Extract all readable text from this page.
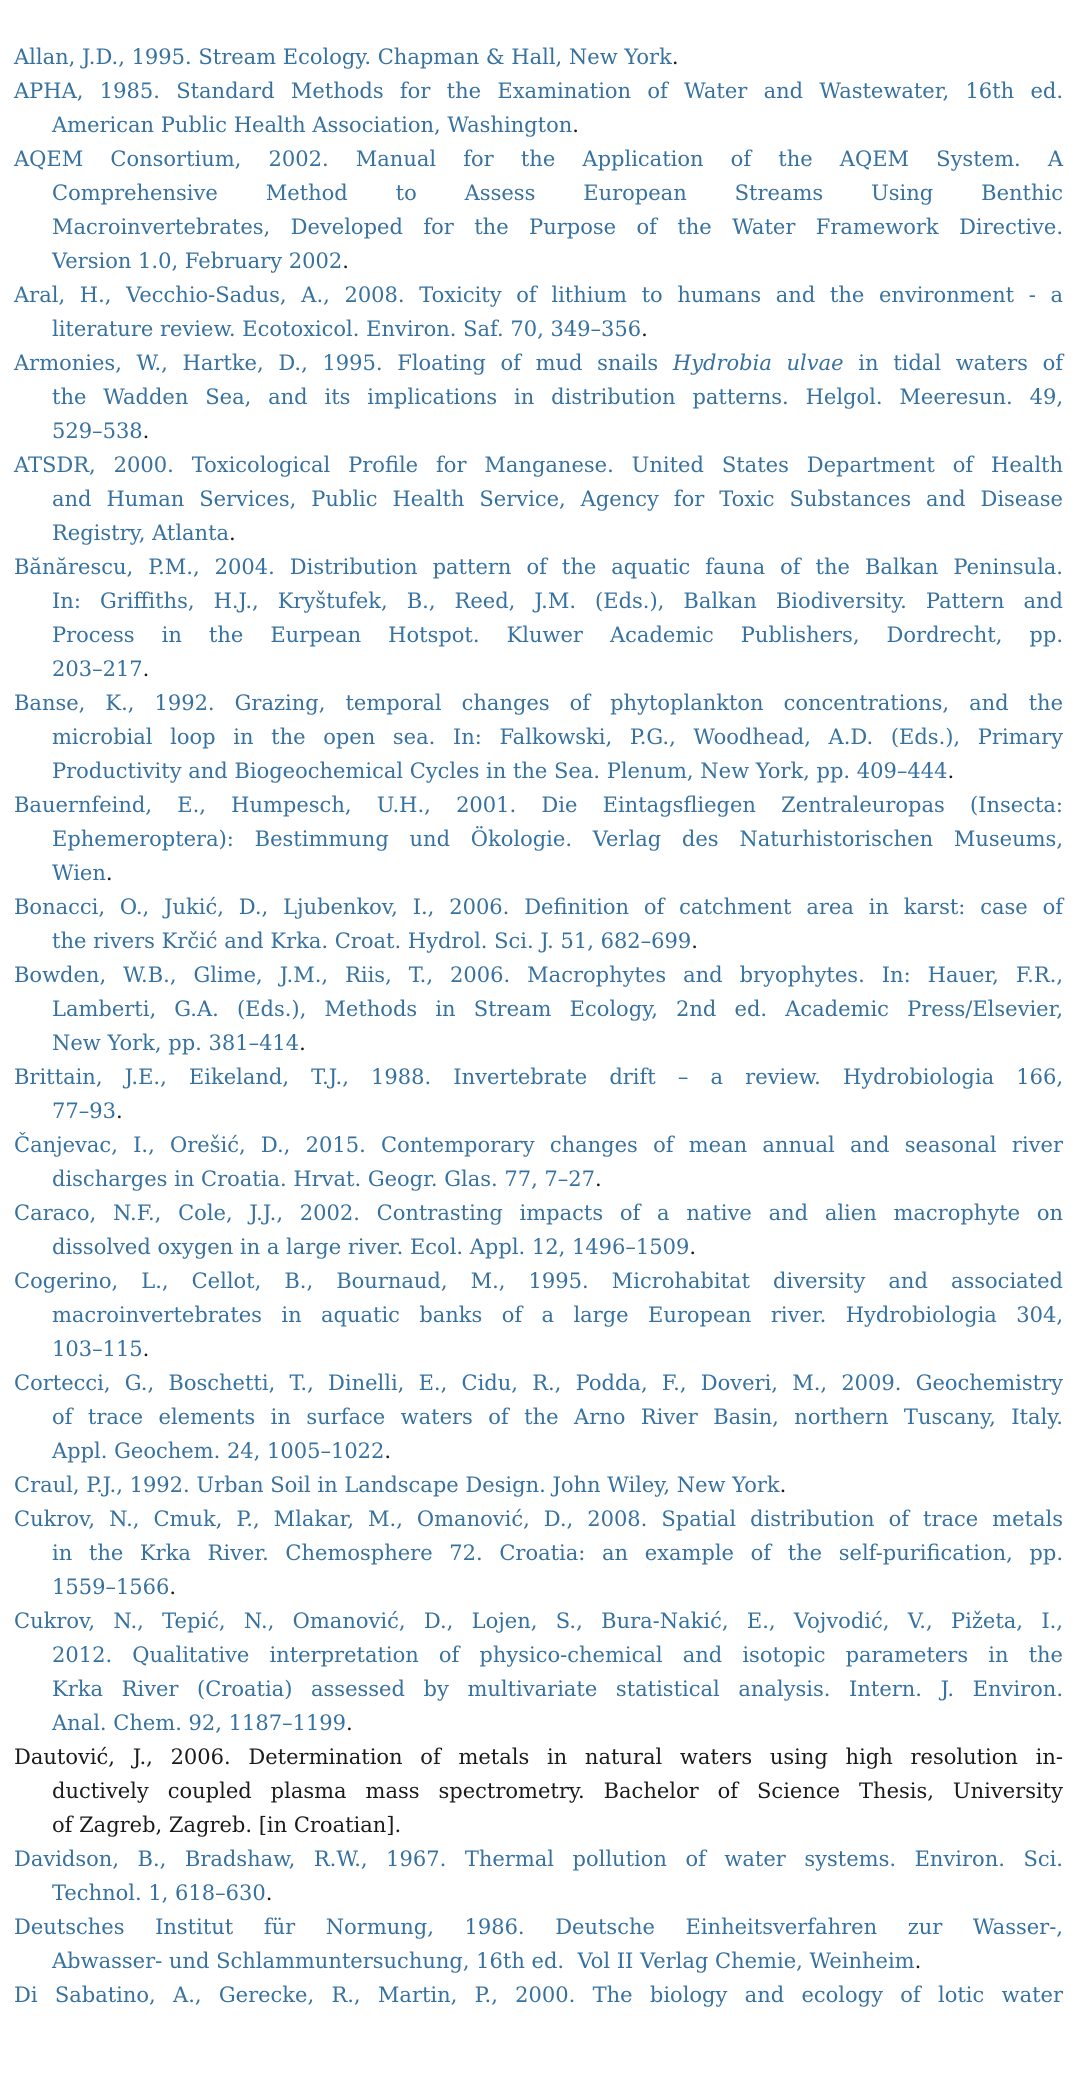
Allan, J.D., 1995. Stream Ecology. Chapman & Hall, New York.
APHA, 1985. Standard Methods for the Examination of Water and Wastewater, 16th ed.
American Public Health Association, Washington.
AQEM Consortium, 2002. Manual for the Application of the AQEM System. A
Comprehensive Method to Assess European Streams Using Benthic
Macroinvertebrates, Developed for the Purpose of the Water Framework Directive.
Version 1.0, February 2002.
Aral, H., Vecchio-Sadus, A., 2008. Toxicity of lithium to humans and the environment - a
literature review. Ecotoxicol. Environ. Saf. 70, 349–356.
Armonies, W., Hartke, D., 1995. Floating of mud snails Hydrobia ulvae in tidal waters of
the Wadden Sea, and its implications in distribution patterns. Helgol. Meeresun. 49,
529–538.
ATSDR, 2000. Toxicological Profile for Manganese. United States Department of Health
and Human Services, Public Health Service, Agency for Toxic Substances and Disease
Registry, Atlanta.
Bănărescu, P.M., 2004. Distribution pattern of the aquatic fauna of the Balkan Peninsula.
In: Griffiths, H.J., Kryštufek, B., Reed, J.M. (Eds.), Balkan Biodiversity. Pattern and
Process in the Eurpean Hotspot. Kluwer Academic Publishers, Dordrecht, pp.
203–217.
Banse, K., 1992. Grazing, temporal changes of phytoplankton concentrations, and the
microbial loop in the open sea. In: Falkowski, P.G., Woodhead, A.D. (Eds.), Primary
Productivity and Biogeochemical Cycles in the Sea. Plenum, New York, pp. 409–444.
Bauernfeind, E., Humpesch, U.H., 2001. Die Eintagsfliegen Zentraleuropas (Insecta:
Ephemeroptera): Bestimmung und Ökologie. Verlag des Naturhistorischen Museums,
Wien.
Bonacci, O., Jukić, D., Ljubenkov, I., 2006. Definition of catchment area in karst: case of
the rivers Krčić and Krka. Croat. Hydrol. Sci. J. 51, 682–699.
Bowden, W.B., Glime, J.M., Riis, T., 2006. Macrophytes and bryophytes. In: Hauer, F.R.,
Lamberti, G.A. (Eds.), Methods in Stream Ecology, 2nd ed. Academic Press/Elsevier,
New York, pp. 381–414.
Brittain, J.E., Eikeland, T.J., 1988. Invertebrate drift – a review. Hydrobiologia 166,
77–93.
Čanjevac, I., Orešić, D., 2015. Contemporary changes of mean annual and seasonal river
discharges in Croatia. Hrvat. Geogr. Glas. 77, 7–27.
Caraco, N.F., Cole, J.J., 2002. Contrasting impacts of a native and alien macrophyte on
dissolved oxygen in a large river. Ecol. Appl. 12, 1496–1509.
Cogerino, L., Cellot, B., Bournaud, M., 1995. Microhabitat diversity and associated
macroinvertebrates in aquatic banks of a large European river. Hydrobiologia 304,
103–115.
Cortecci, G., Boschetti, T., Dinelli, E., Cidu, R., Podda, F., Doveri, M., 2009. Geochemistry
of trace elements in surface waters of the Arno River Basin, northern Tuscany, Italy.
Appl. Geochem. 24, 1005–1022.
Craul, P.J., 1992. Urban Soil in Landscape Design. John Wiley, New York.
Cukrov, N., Cmuk, P., Mlakar, M., Omanović, D., 2008. Spatial distribution of trace metals
in the Krka River. Chemosphere 72. Croatia: an example of the self-purification, pp.
1559–1566.
Cukrov, N., Tepić, N., Omanović, D., Lojen, S., Bura-Nakić, E., Vojvodić, V., Pižeta, I.,
2012. Qualitative interpretation of physico-chemical and isotopic parameters in the
Krka River (Croatia) assessed by multivariate statistical analysis. Intern. J. Environ.
Anal. Chem. 92, 1187–1199.
Dautović, J., 2006. Determination of metals in natural waters using high resolution in-
ductively coupled plasma mass spectrometry. Bachelor of Science Thesis, University
of Zagreb, Zagreb. [in Croatian].
Davidson, B., Bradshaw, R.W., 1967. Thermal pollution of water systems. Environ. Sci.
Technol. 1, 618–630.
Deutsches Institut für Normung, 1986. Deutsche Einheitsverfahren zur Wasser-,
Abwasser- und Schlammuntersuchung, 16th ed.  Vol II Verlag Chemie, Weinheim.
Di Sabatino, A., Gerecke, R., Martin, P., 2000. The biology and ecology of lotic water
